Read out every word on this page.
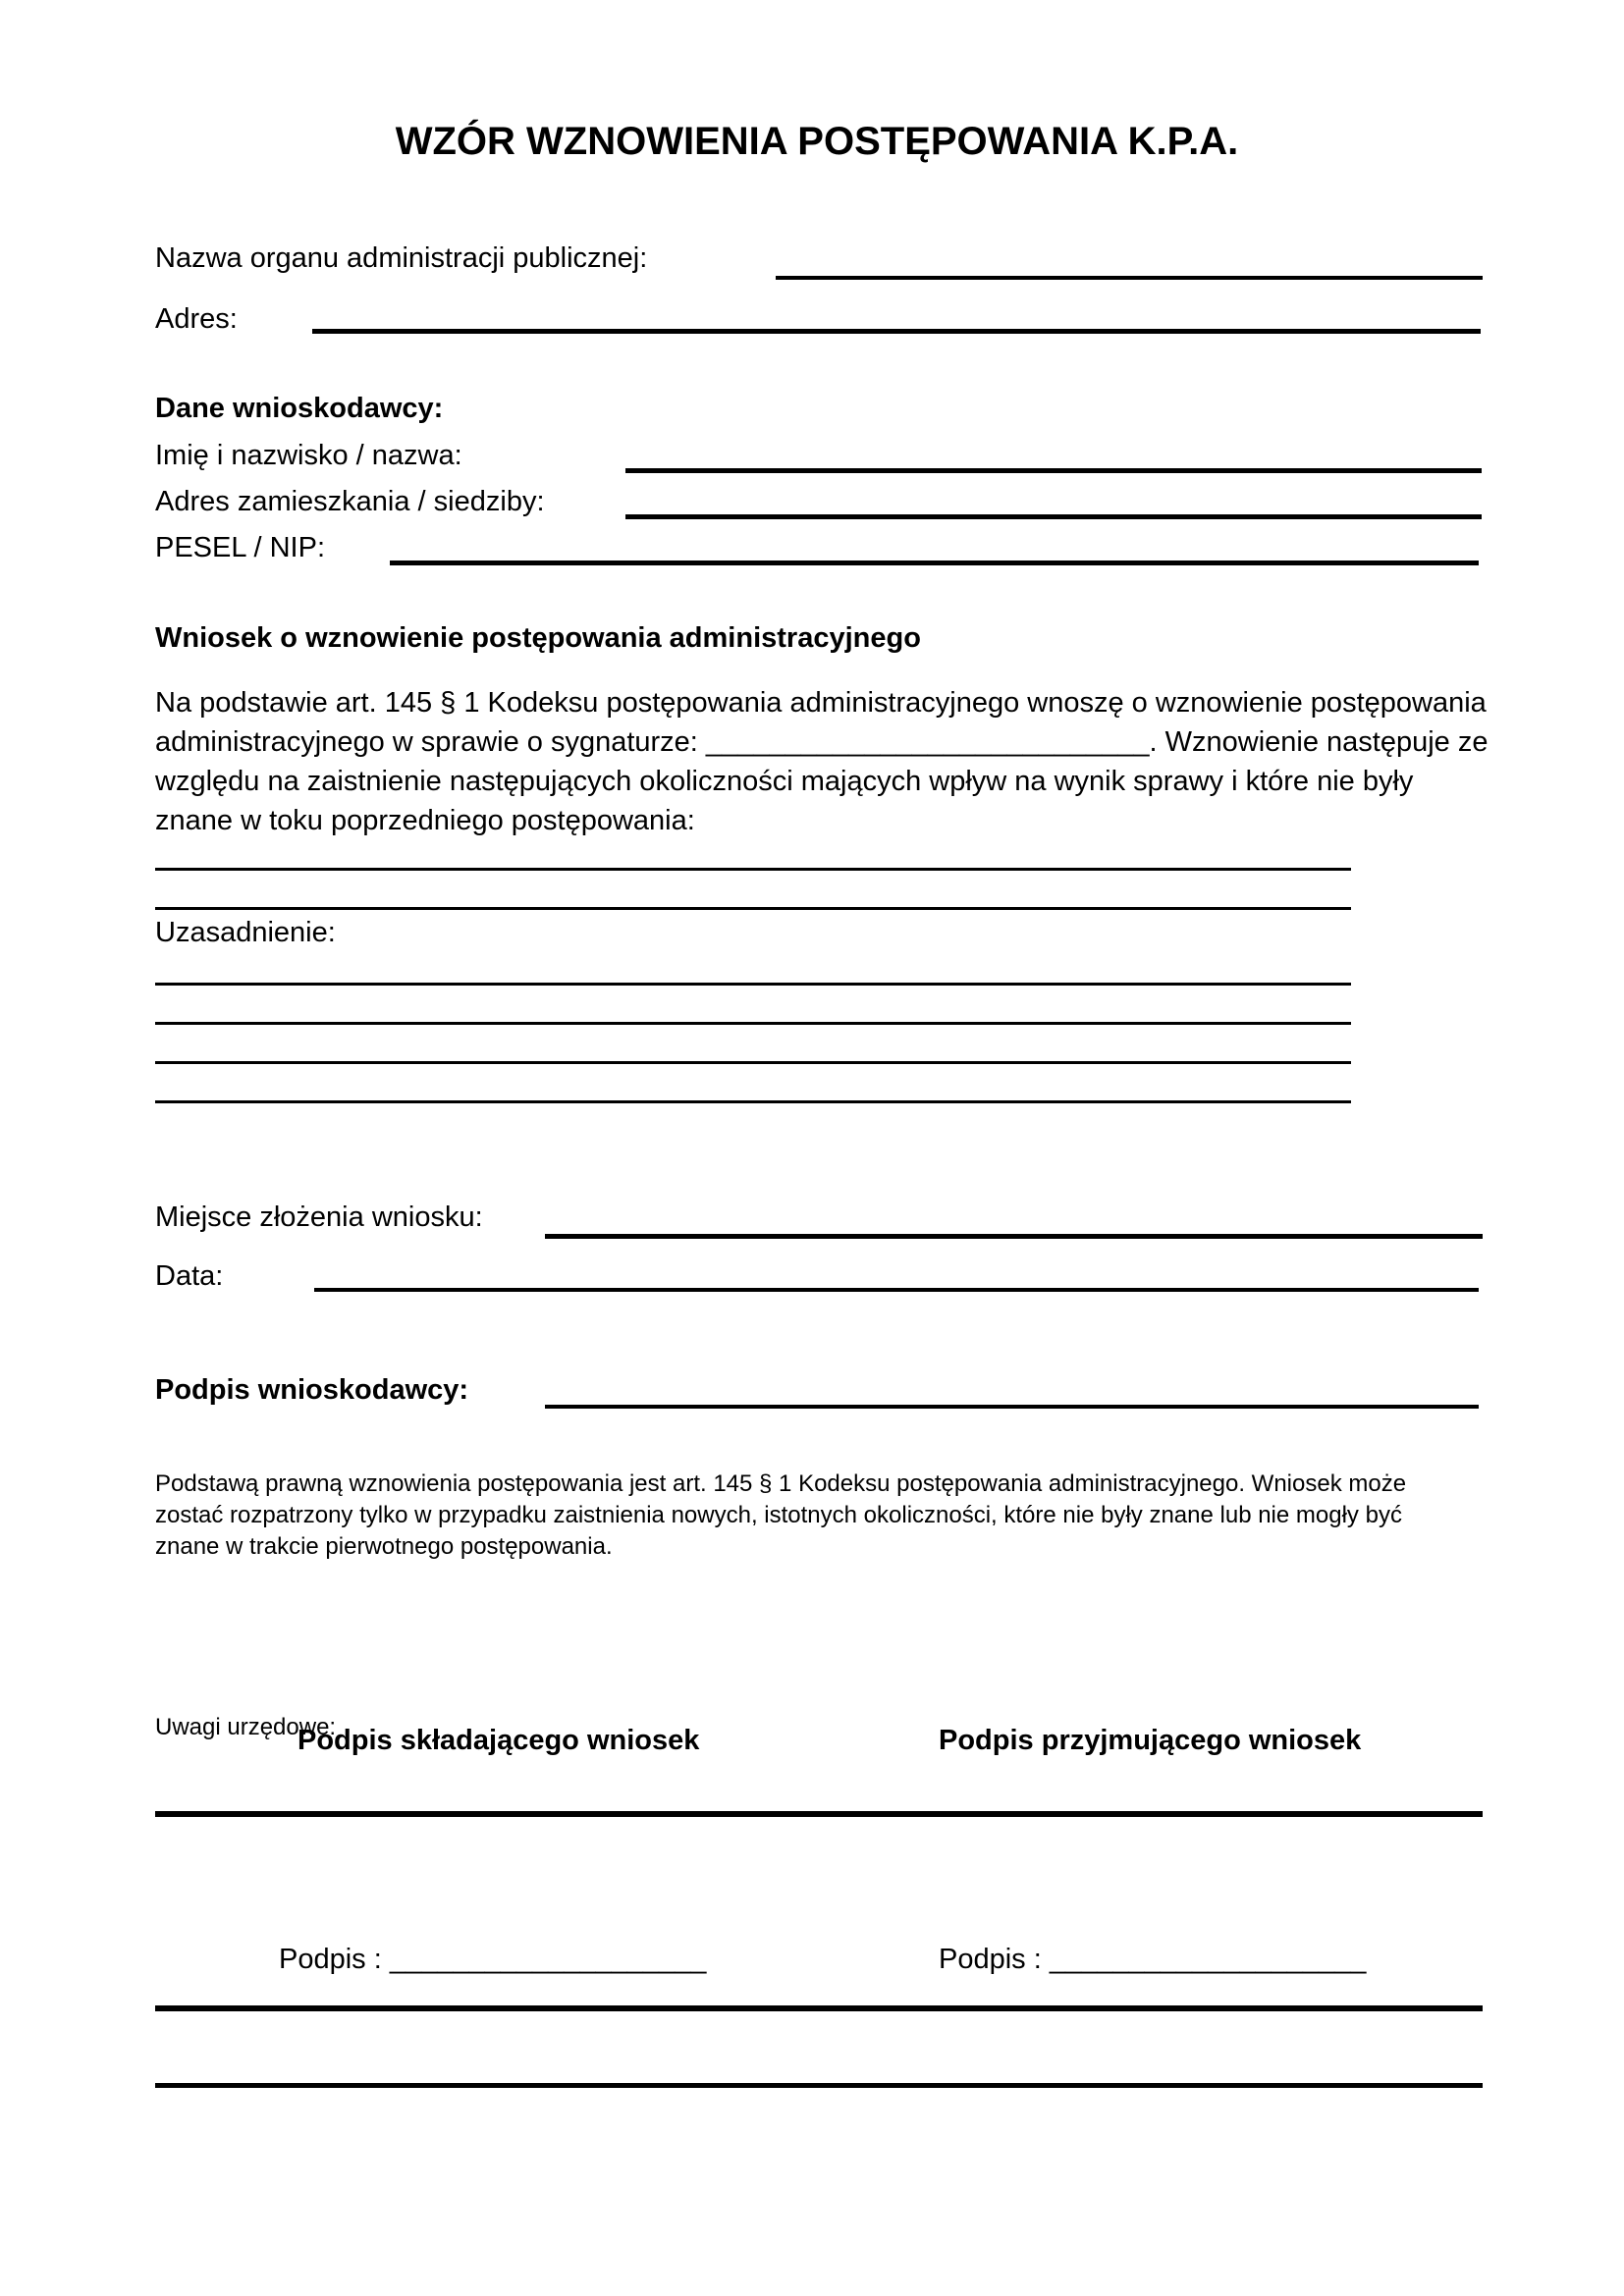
WZÓR WZNOWIENIA POSTĘPOWANIA K.P.A.
Nazwa organu administracji publicznej:
Adres:
Dane wnioskodawcy:
Imię i nazwisko / nazwa:
Adres zamieszkania / siedziby:
PESEL / NIP:
Wniosek o wznowienie postępowania administracyjnego
Na podstawie art. 145 § 1 Kodeksu postępowania administracyjnego wnoszę o wznowienie postępowania administracyjnego w sprawie o sygnaturze: ____________________________. Wznowienie następuje ze względu na zaistnienie następujących okoliczności mających wpływ na wynik sprawy i które nie były znane w toku poprzedniego postępowania:
Uzasadnienie:
Miejsce złożenia wniosku:
Data:
Podpis wnioskodawcy:
Podstawą prawną wznowienia postępowania jest art. 145 § 1 Kodeksu postępowania administracyjnego. Wniosek może zostać rozpatrzony tylko w przypadku zaistnienia nowych, istotnych okoliczności, które nie były znane lub nie mogły być znane w trakcie pierwotnego postępowania.
Uwagi urzędowe:
Podpis składającego wniosek	Podpis przyjmującego wniosek
Podpis : ____________________	Podpis : ____________________
